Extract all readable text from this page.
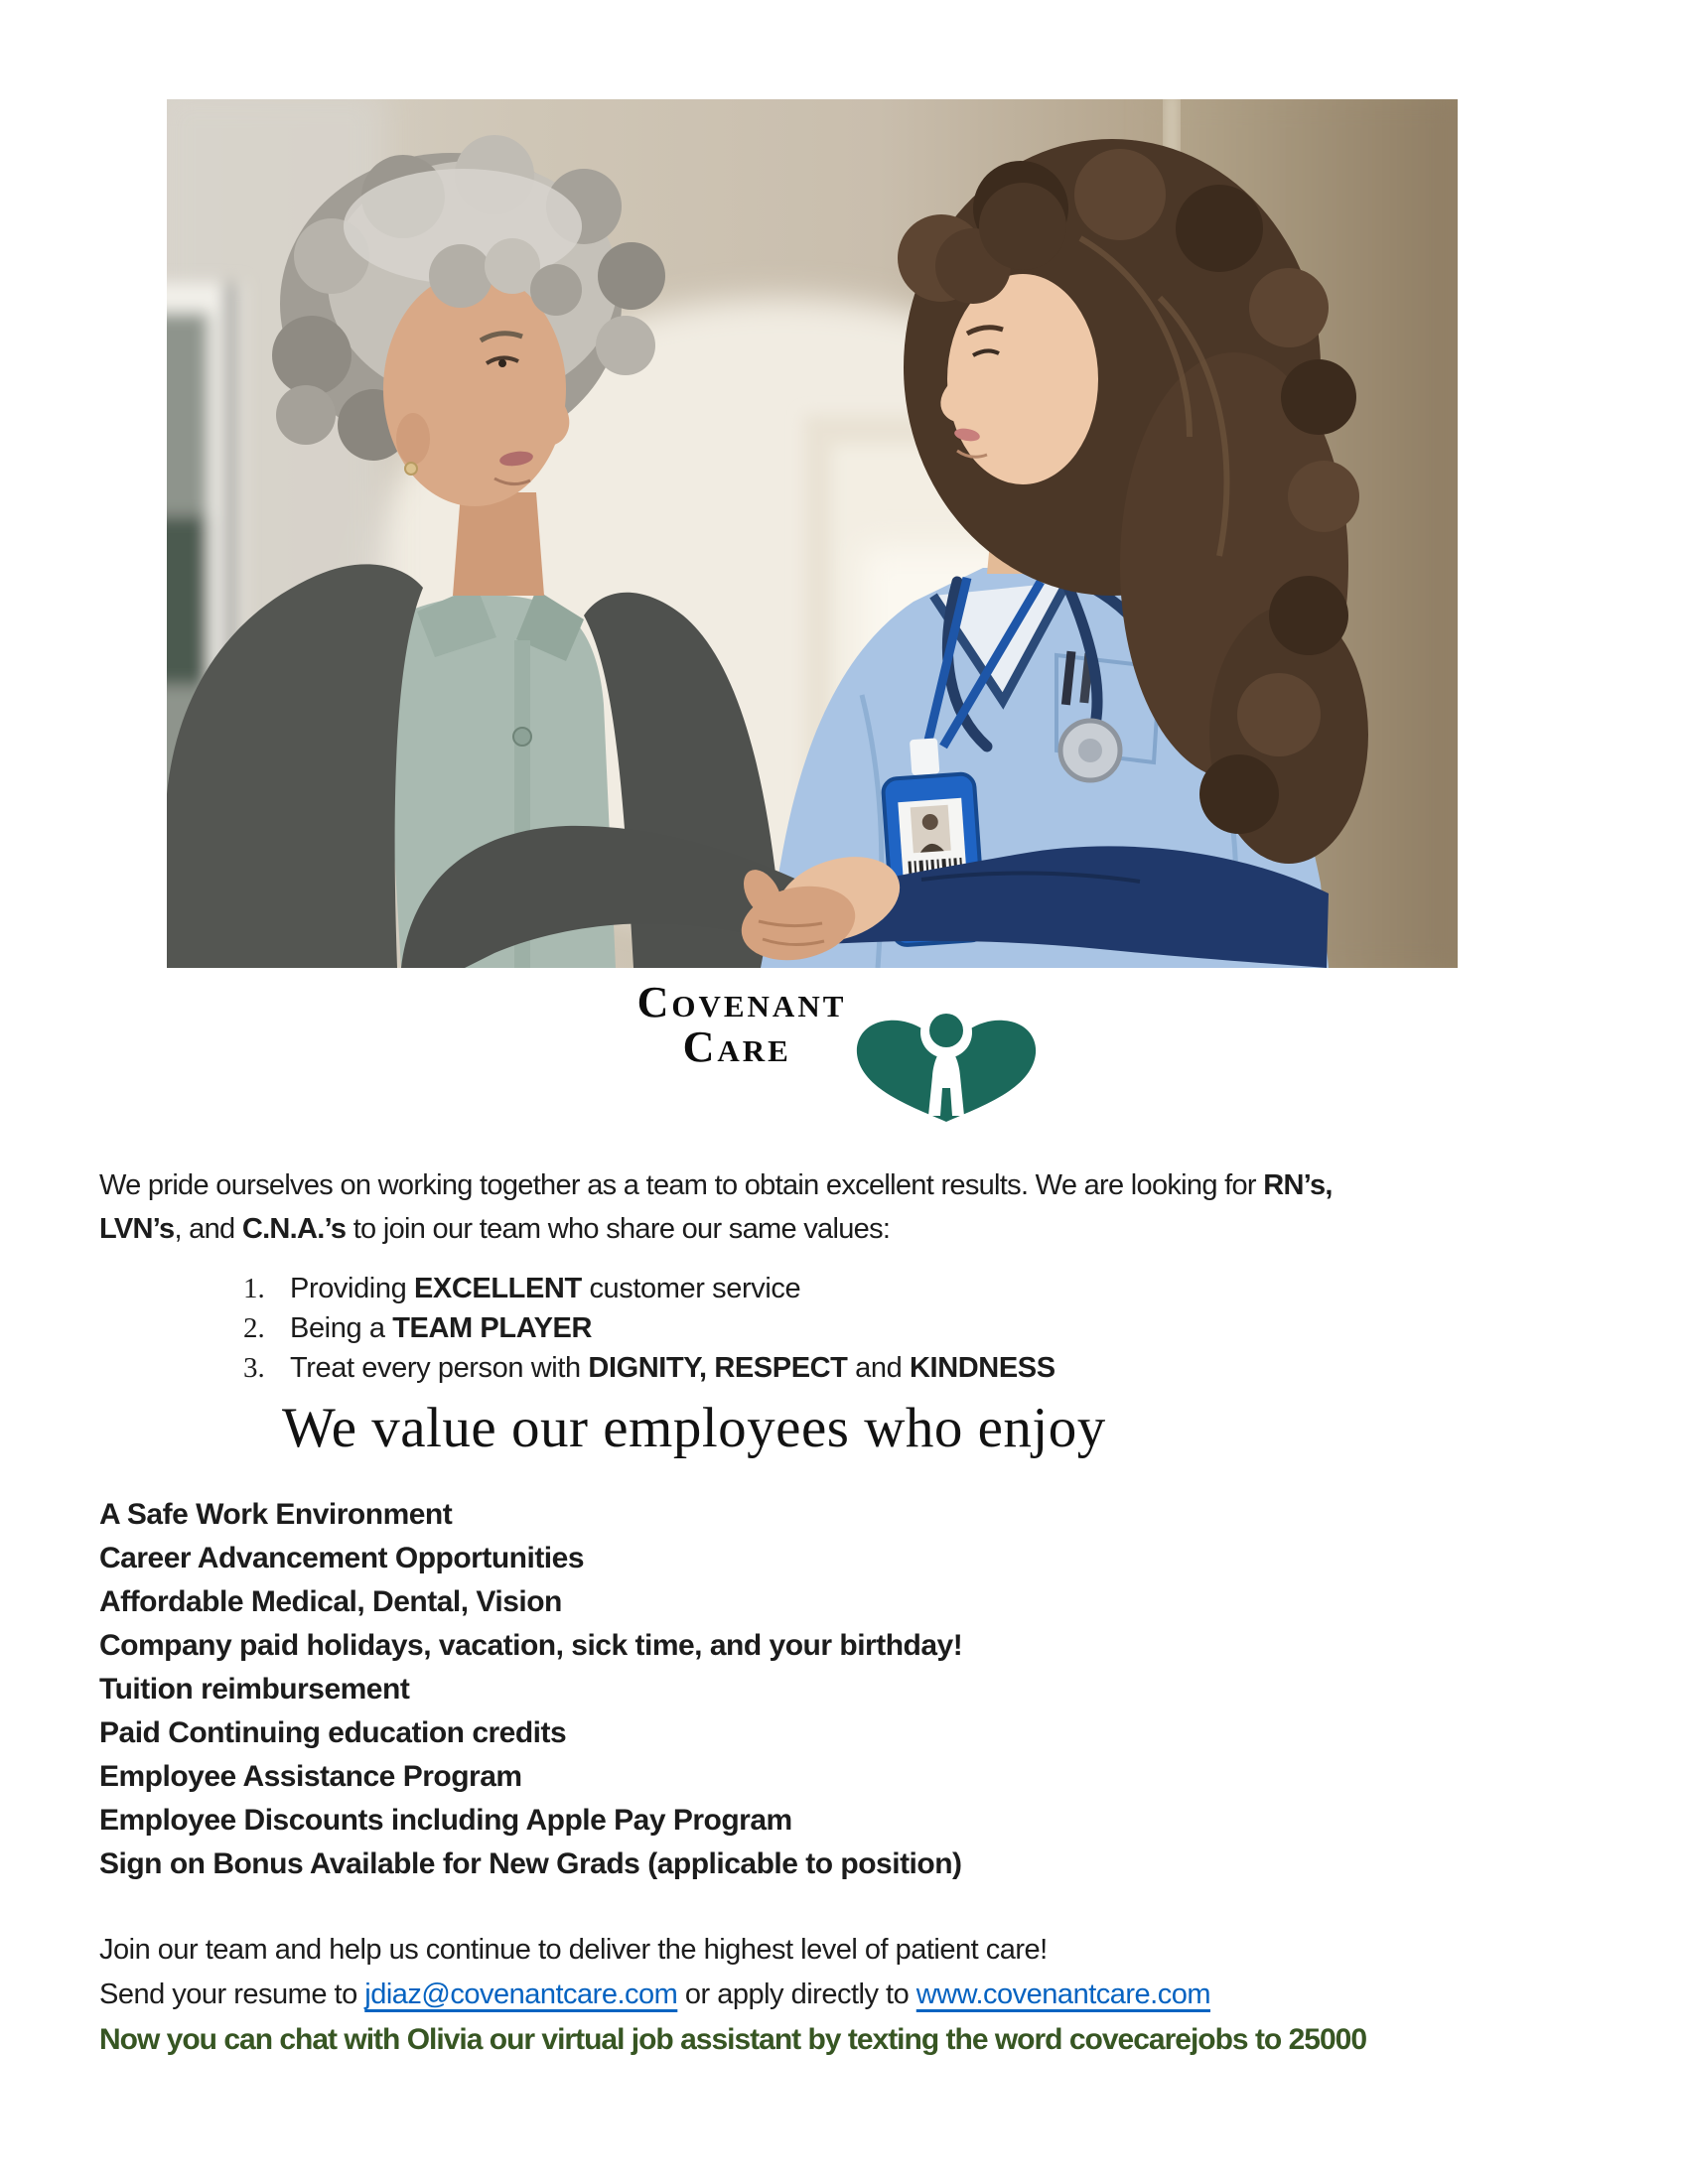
Covenant
Care

We pride ourselves on working together as a team to obtain excellent results. We are looking for RN’s,
LVN’s, and C.N.A.’s to join our team who share our same values:

1. Providing EXCELLENT customer service
2. Being a TEAM PLAYER
3. Treat every person with DIGNITY, RESPECT and KINDNESS
We value our employees who enjoy
A Safe Work Environment
Career Advancement Opportunities
Affordable Medical, Dental, Vision
Company paid holidays, vacation, sick time, and your birthday!
Tuition reimbursement
Paid Continuing education credits
Employee Assistance Program
Employee Discounts including Apple Pay Program
Sign on Bonus Available for New Grads (applicable to position)
Join our team and help us continue to deliver the highest level of patient care!
Send your resume to jdiaz@covenantcare.com or apply directly to www.covenantcare.com
Now you can chat with Olivia our virtual job assistant by texting the word covecarejobs to 25000
